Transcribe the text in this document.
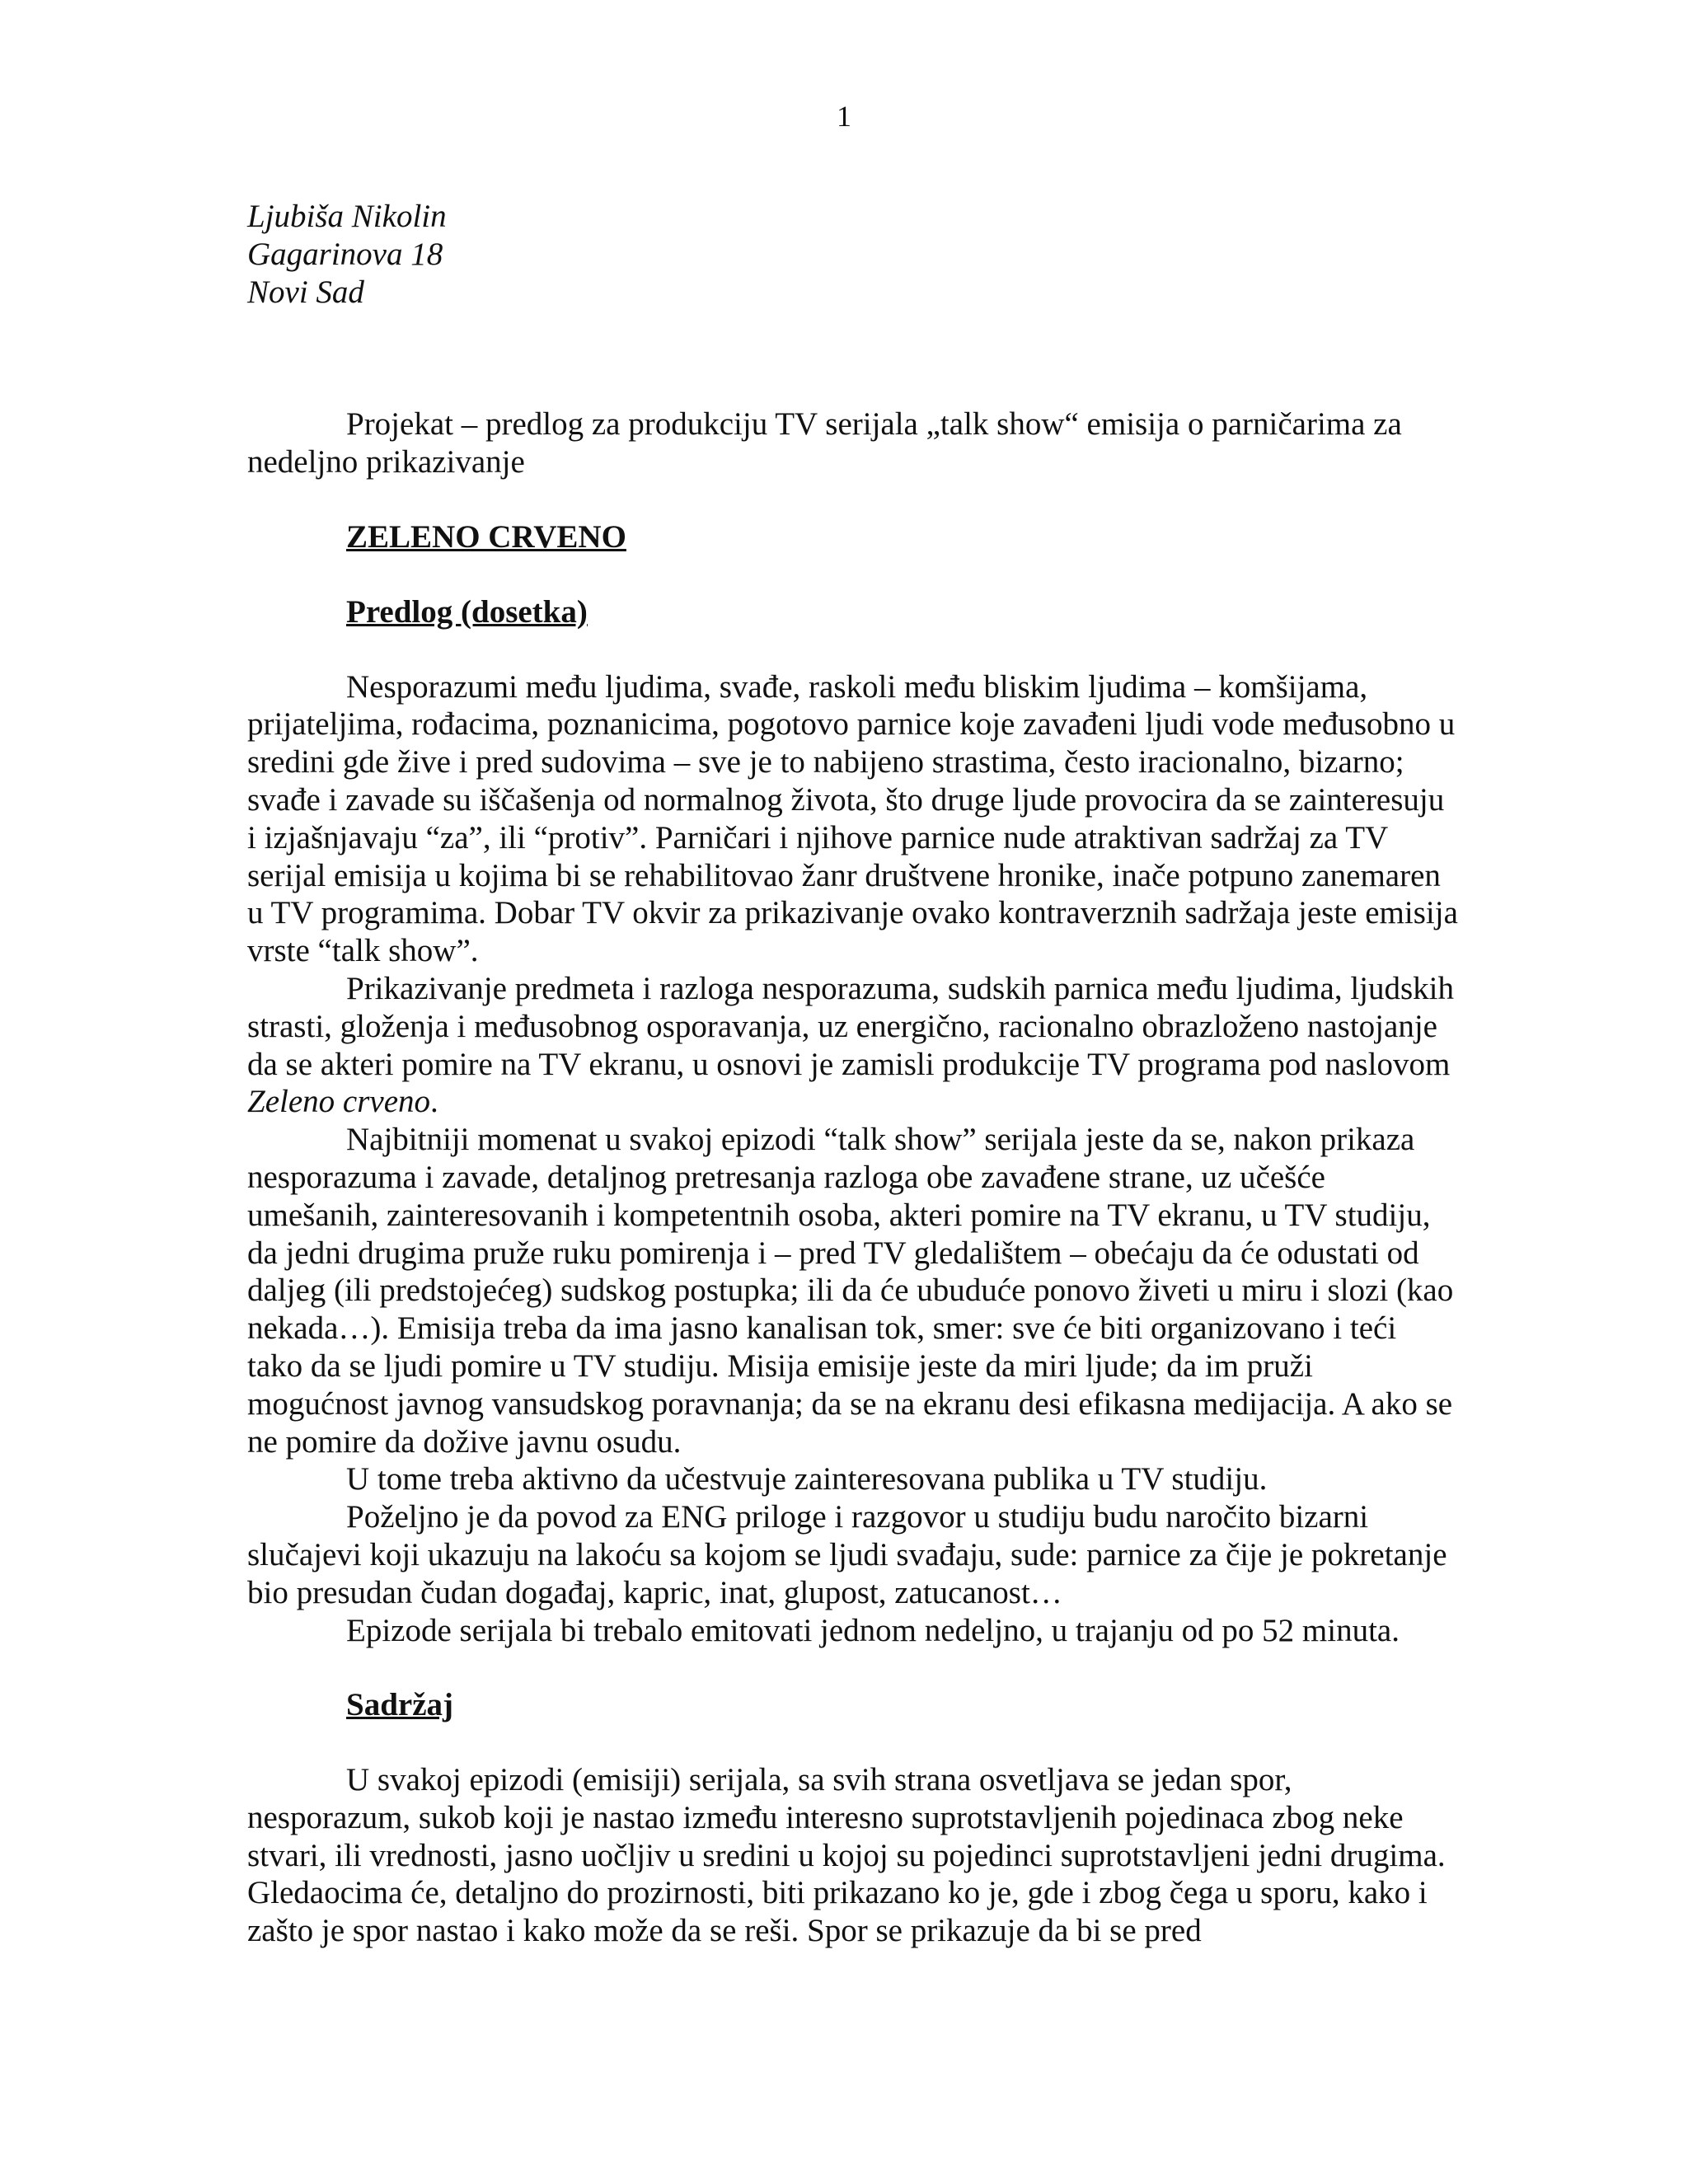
1
Ljubiša Nikolin
Gagarinova 18
Novi Sad

Projekat – predlog za produkciju TV serijala „talk show“ emisija o parničarima za nedeljno prikazivanje

ZELENO CRVENO
Predlog (dosetka)

Nesporazumi među ljudima, svađe, raskoli među bliskim ljudima – komšijama, prijateljima, rođacima, poznanicima, pogotovo parnice koje zavađeni ljudi vode međusobno u sredini gde žive i pred sudovima – sve je to nabijeno strastima, često iracionalno, bizarno; svađe i zavade su iščašenja od normalnog života, što druge ljude provocira da se zainteresuju i izjašnjavaju “za”, ili “protiv”. Parničari i njihove parnice nude atraktivan sadržaj za TV serijal emisija u kojima bi se rehabilitovao žanr društvene hronike, inače potpuno zanemaren u TV programima. Dobar TV okvir za prikazivanje ovako kontraverznih sadržaja jeste emisija vrste “talk show”.

Prikazivanje predmeta i razloga nesporazuma, sudskih parnica među ljudima, ljudskih strasti, gloženja i međusobnog osporavanja, uz energično, racionalno obrazloženo nastojanje da se akteri pomire na TV ekranu, u osnovi je zamisli produkcije TV programa pod naslovom Zeleno crveno.

Najbitniji momenat u svakoj epizodi “talk show” serijala jeste da se, nakon prikaza nesporazuma i zavade, detaljnog pretresanja razloga obe zavađene strane, uz učešće umešanih, zainteresovanih i kompetentnih osoba, akteri pomire na TV ekranu, u TV studiju, da jedni drugima pruže ruku pomirenja i – pred TV gledalištem – obećaju da će odustati od daljeg (ili predstojećeg) sudskog postupka; ili da će ubuduće ponovo živeti u miru i slozi (kao nekada…). Emisija treba da ima jasno kanalisan tok, smer: sve će biti organizovano i teći tako da se ljudi pomire u TV studiju. Misija emisije jeste da miri ljude; da im pruži mogućnost javnog vansudskog poravnanja; da se na ekranu desi efikasna medijacija. A ako se ne pomire da dožive javnu osudu.

U tome treba aktivno da učestvuje zainteresovana publika u TV studiju.

Poželjno je da povod za ENG priloge i razgovor u studiju budu naročito bizarni slučajevi koji ukazuju na lakoću sa kojom se ljudi svađaju, sude: parnice za čije je pokretanje bio presudan čudan događaj, kapric, inat, glupost, zatucanost…

Epizode serijala bi trebalo emitovati jednom nedeljno, u trajanju od po 52 minuta.

Sadržaj

U svakoj epizodi (emisiji) serijala, sa svih strana osvetljava se jedan spor, nesporazum, sukob koji je nastao između interesno suprotstavljenih pojedinaca zbog neke stvari, ili vrednosti, jasno uočljiv u sredini u kojoj su pojedinci suprotstavljeni jedni drugima. Gledaocima će, detaljno do prozirnosti, biti prikazano ko je, gde i zbog čega u sporu, kako i zašto je spor nastao i kako može da se reši. Spor se prikazuje da bi se pred
